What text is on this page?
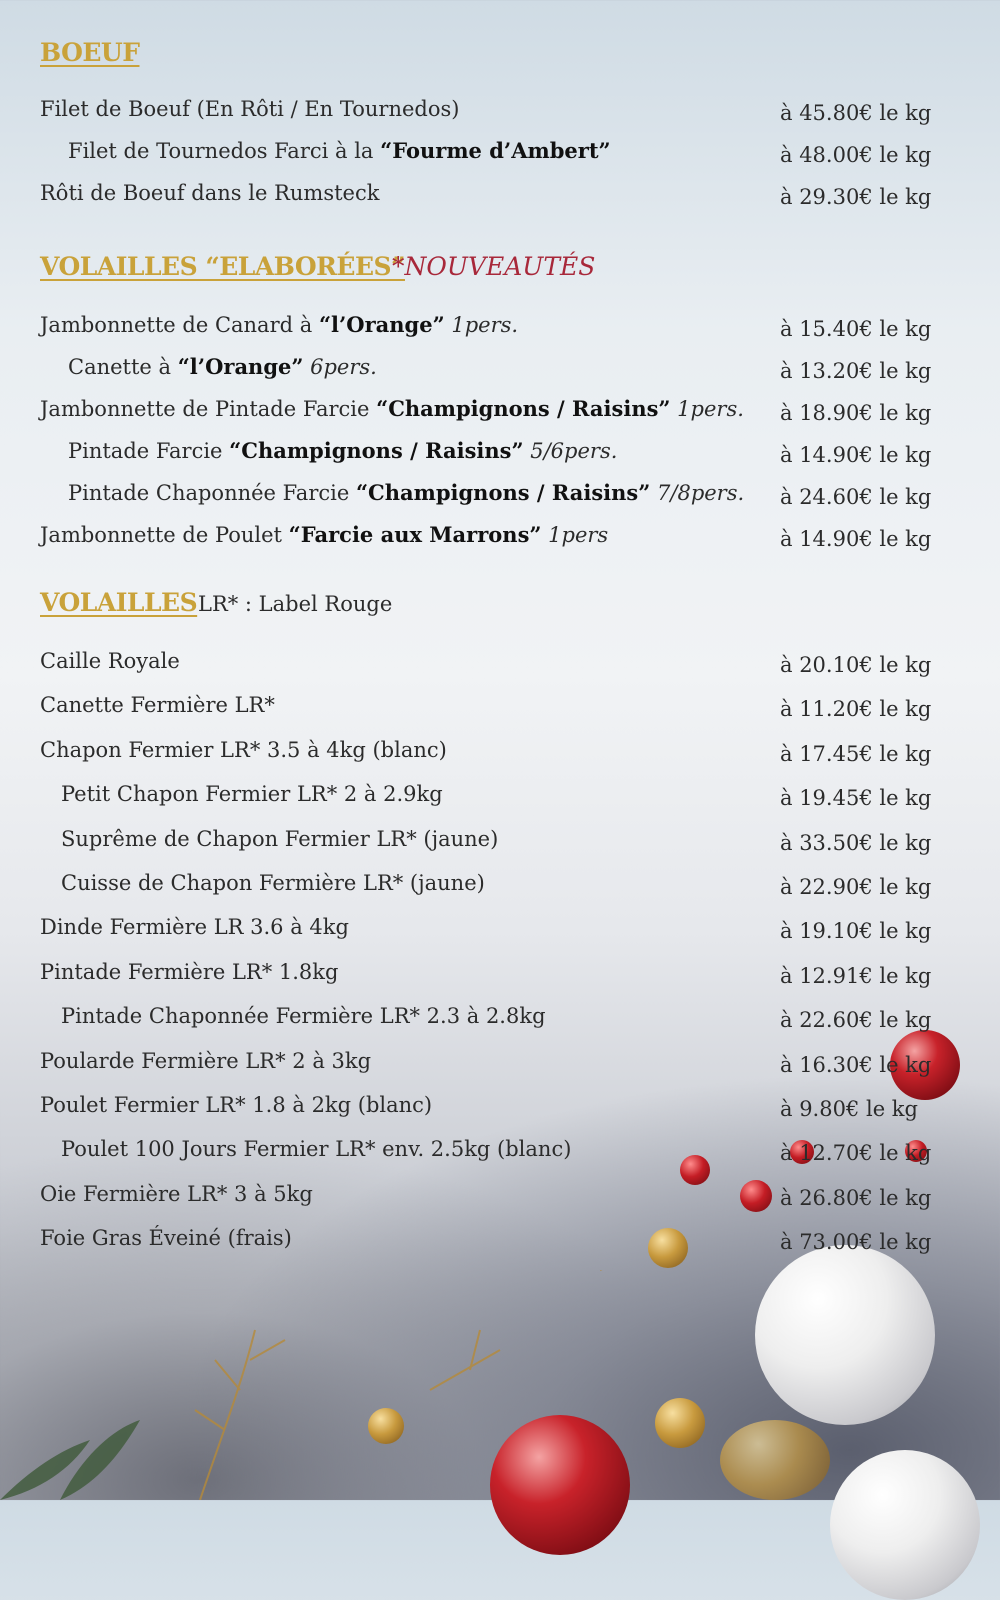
BOEUF
Filet de Boeuf (En Rôti / En Tournedos)	à 45.80€ le kg
Filet de Tournedos Farci à la “Fourme d’Ambert”	à 48.00€ le kg
Rôti de Boeuf dans le Rumsteck	à 29.30€ le kg
VOLAILLES “ELABORÉES”
*NOUVEAUTÉS
Jambonnette de Canard à “l’Orange” 1pers.	à 15.40€ le kg
Canette à “l’Orange” 6pers.	à 13.20€ le kg
Jambonnette de Pintade Farcie “Champignons / Raisins” 1pers. à 18.90€ le kg
Pintade Farcie “Champignons / Raisins” 5/6pers.	à 14.90€ le kg
Pintade Chaponnée Farcie “Champignons / Raisins” 7/8pers. à 24.60€ le kg
Jambonnette de Poulet “Farcie aux Marrons” 1pers	à 14.90€ le kg
VOLAILLES LR* : Label Rouge
Caille Royale	à 20.10€ le kg
Canette Fermière LR*	à 11.20€ le kg
Chapon Fermier LR* 3.5 à 4kg (blanc)	à 17.45€ le kg
Petit Chapon Fermier LR* 2 à 2.9kg	à 19.45€ le kg
Suprême de Chapon Fermier LR* (jaune)	à 33.50€ le kg
Cuisse de Chapon Fermière LR* (jaune)	à 22.90€ le kg
Dinde Fermière LR 3.6 à 4kg	à 19.10€ le kg
Pintade Fermière LR* 1.8kg	à 12.91€ le kg
Pintade Chaponnée Fermière LR* 2.3 à 2.8kg	à 22.60€ le kg
Poularde Fermière LR* 2 à 3kg	à 16.30€ le kg
Poulet Fermier LR* 1.8 à 2kg (blanc)	à 9.80€ le kg
Poulet 100 Jours Fermier LR* env. 2.5kg (blanc)	à 12.70€ le kg
Oie Fermière LR* 3 à 5kg	à 26.80€ le kg
Foie Gras Éveiné (frais)	à 73.00€ le kg
